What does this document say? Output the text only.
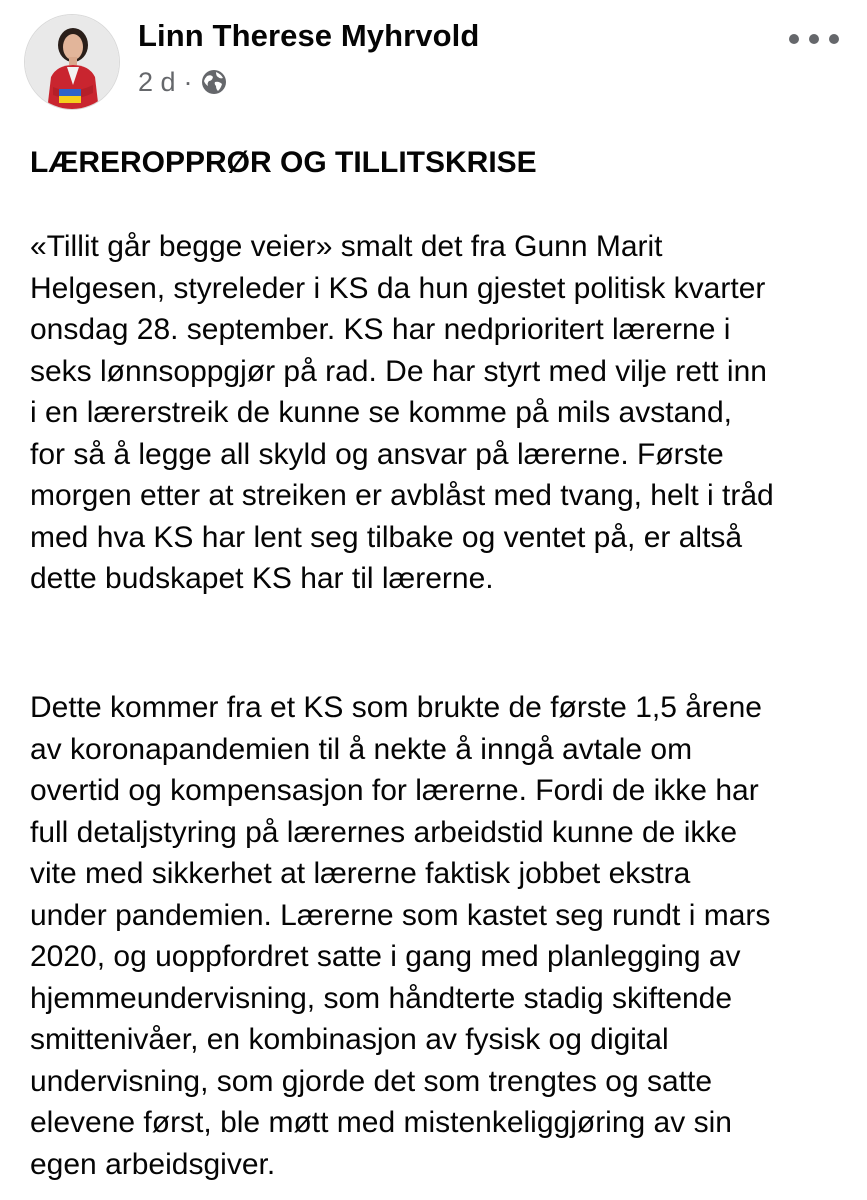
Linn Therese Myhrvold
2 d ·
LÆREROPPRØR OG TILLITSKRISE

«Tillit går begge veier» smalt det fra Gunn Marit
Helgesen, styreleder i KS da hun gjestet politisk kvarter
onsdag 28. september. KS har nedprioritert lærerne i
seks lønnsoppgjør på rad. De har styrt med vilje rett inn
i en lærerstreik de kunne se komme på mils avstand,
for så å legge all skyld og ansvar på lærerne. Første
morgen etter at streiken er avblåst med tvang, helt i tråd
med hva KS har lent seg tilbake og ventet på, er altså
dette budskapet KS har til lærerne.

Dette kommer fra et KS som brukte de første 1,5 årene
av koronapandemien til å nekte å inngå avtale om
overtid og kompensasjon for lærerne. Fordi de ikke har
full detaljstyring på lærernes arbeidstid kunne de ikke
vite med sikkerhet at lærerne faktisk jobbet ekstra
under pandemien. Lærerne som kastet seg rundt i mars
2020, og uoppfordret satte i gang med planlegging av
hjemmeundervisning, som håndterte stadig skiftende
smittenivåer, en kombinasjon av fysisk og digital
undervisning, som gjorde det som trengtes og satte
elevene først, ble møtt med mistenkeliggjøring av sin
egen arbeidsgiver.
